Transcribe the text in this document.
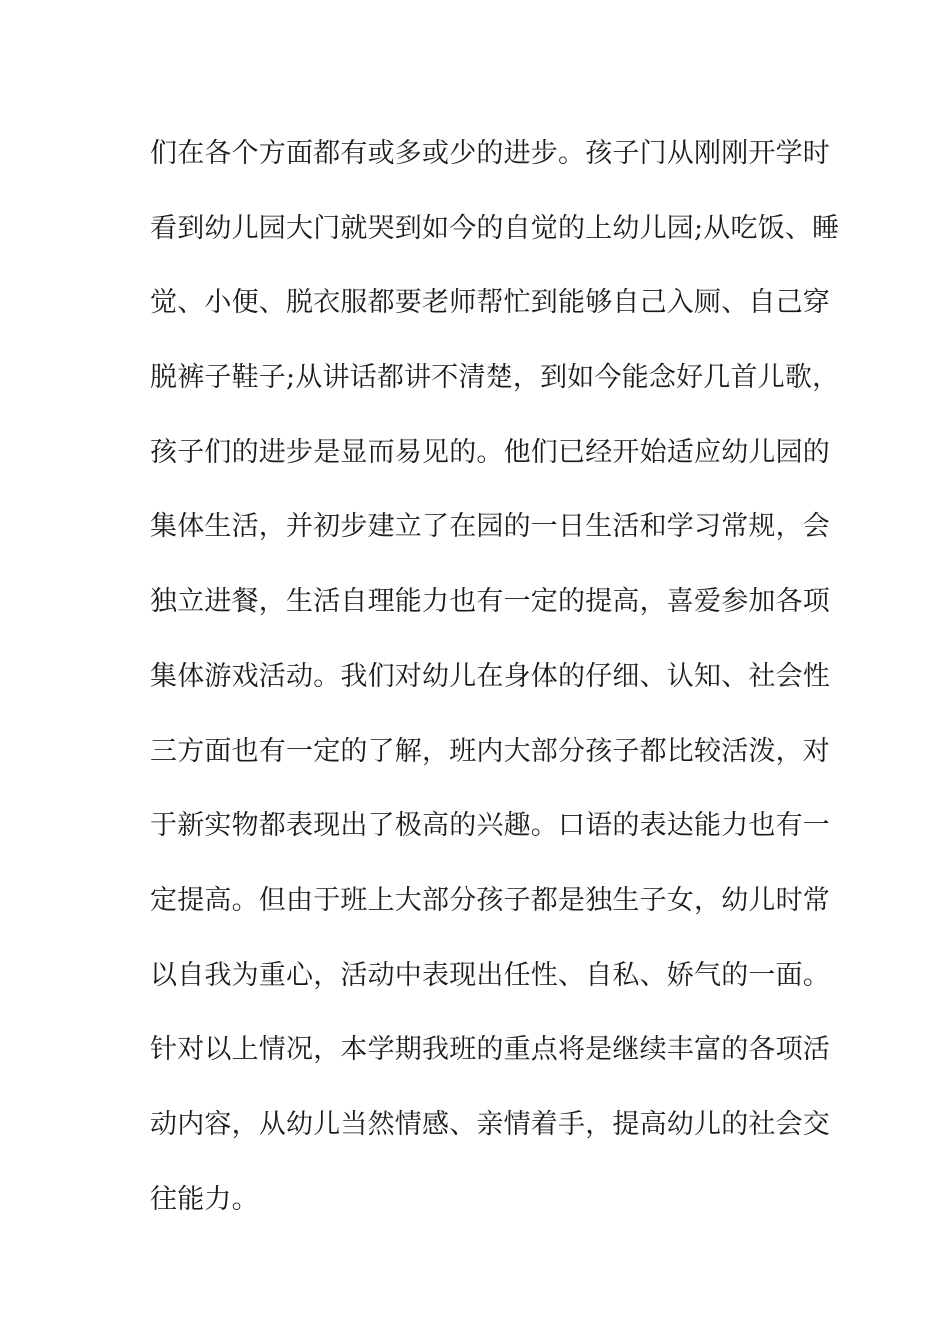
们在各个方面都有或多或少的进步。孩子门从刚刚开学时
看到幼儿园大门就哭到如今的自觉的上幼儿园;从吃饭、睡
觉、小便、脱衣服都要老师帮忙到能够自己入厕、自己穿
脱裤子鞋子;从讲话都讲不清楚，到如今能念好几首儿歌，
孩子们的进步是显而易见的。他们已经开始适应幼儿园的
集体生活，并初步建立了在园的一日生活和学习常规，会
独立进餐，生活自理能力也有一定的提高，喜爱参加各项
集体游戏活动。我们对幼儿在身体的仔细、认知、社会性
三方面也有一定的了解，班内大部分孩子都比较活泼，对
于新实物都表现出了极高的兴趣。口语的表达能力也有一
定提高。但由于班上大部分孩子都是独生子女，幼儿时常
以自我为重心，活动中表现出任性、自私、娇气的一面。
针对以上情况，本学期我班的重点将是继续丰富的各项活
动内容，从幼儿当然情感、亲情着手，提高幼儿的社会交
往能力。
